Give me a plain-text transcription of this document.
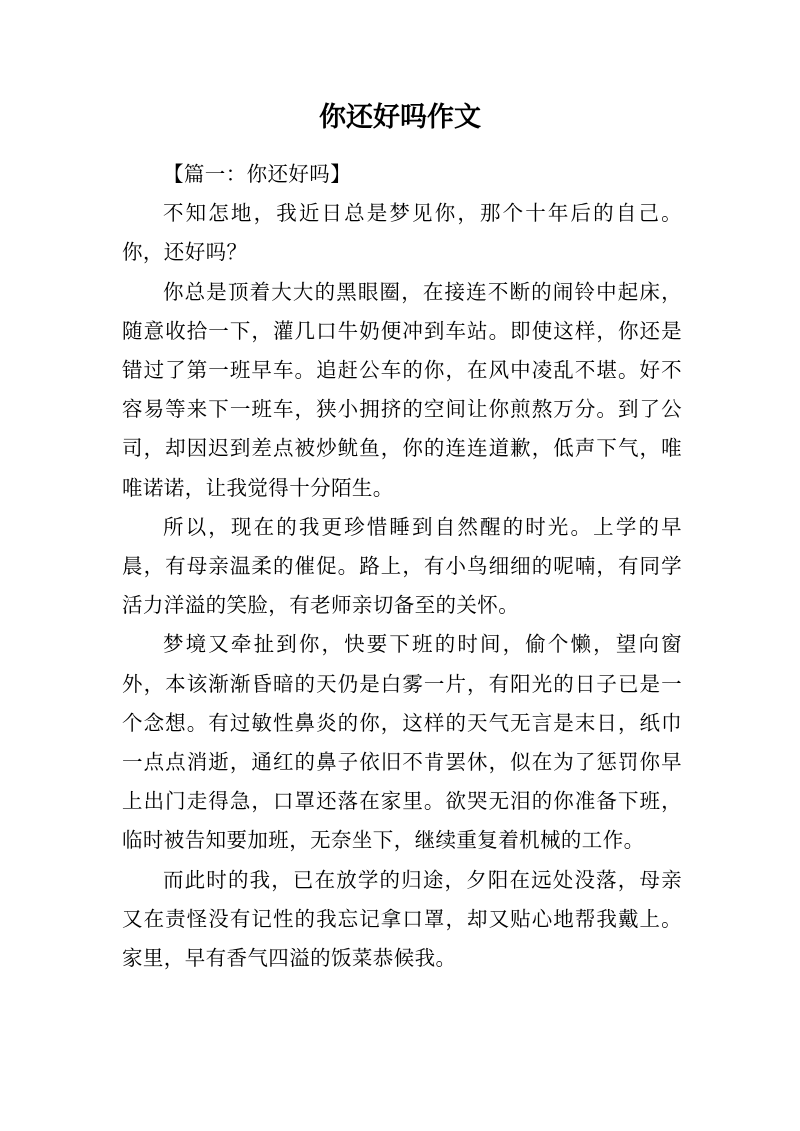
你还好吗作文

【篇一：你还好吗】

不知怎地，我近日总是梦见你，那个十年后的自己。你，还好吗？

你总是顶着大大的黑眼圈，在接连不断的闹铃中起床，随意收拾一下，灌几口牛奶便冲到车站。即使这样，你还是错过了第一班早车。追赶公车的你，在风中凌乱不堪。好不容易等来下一班车，狭小拥挤的空间让你煎熬万分。到了公司，却因迟到差点被炒鱿鱼，你的连连道歉，低声下气，唯唯诺诺，让我觉得十分陌生。

所以，现在的我更珍惜睡到自然醒的时光。上学的早晨，有母亲温柔的催促。路上，有小鸟细细的呢喃，有同学活力洋溢的笑脸，有老师亲切备至的关怀。

梦境又牵扯到你，快要下班的时间，偷个懒，望向窗外，本该渐渐昏暗的天仍是白雾一片，有阳光的日子已是一个念想。有过敏性鼻炎的你，这样的天气无言是末日，纸巾一点点消逝，通红的鼻子依旧不肯罢休，似在为了惩罚你早上出门走得急，口罩还落在家里。欲哭无泪的你准备下班，临时被告知要加班，无奈坐下，继续重复着机械的工作。

而此时的我，已在放学的归途，夕阳在远处没落，母亲又在责怪没有记性的我忘记拿口罩，却又贴心地帮我戴上。家里，早有香气四溢的饭菜恭候我。
